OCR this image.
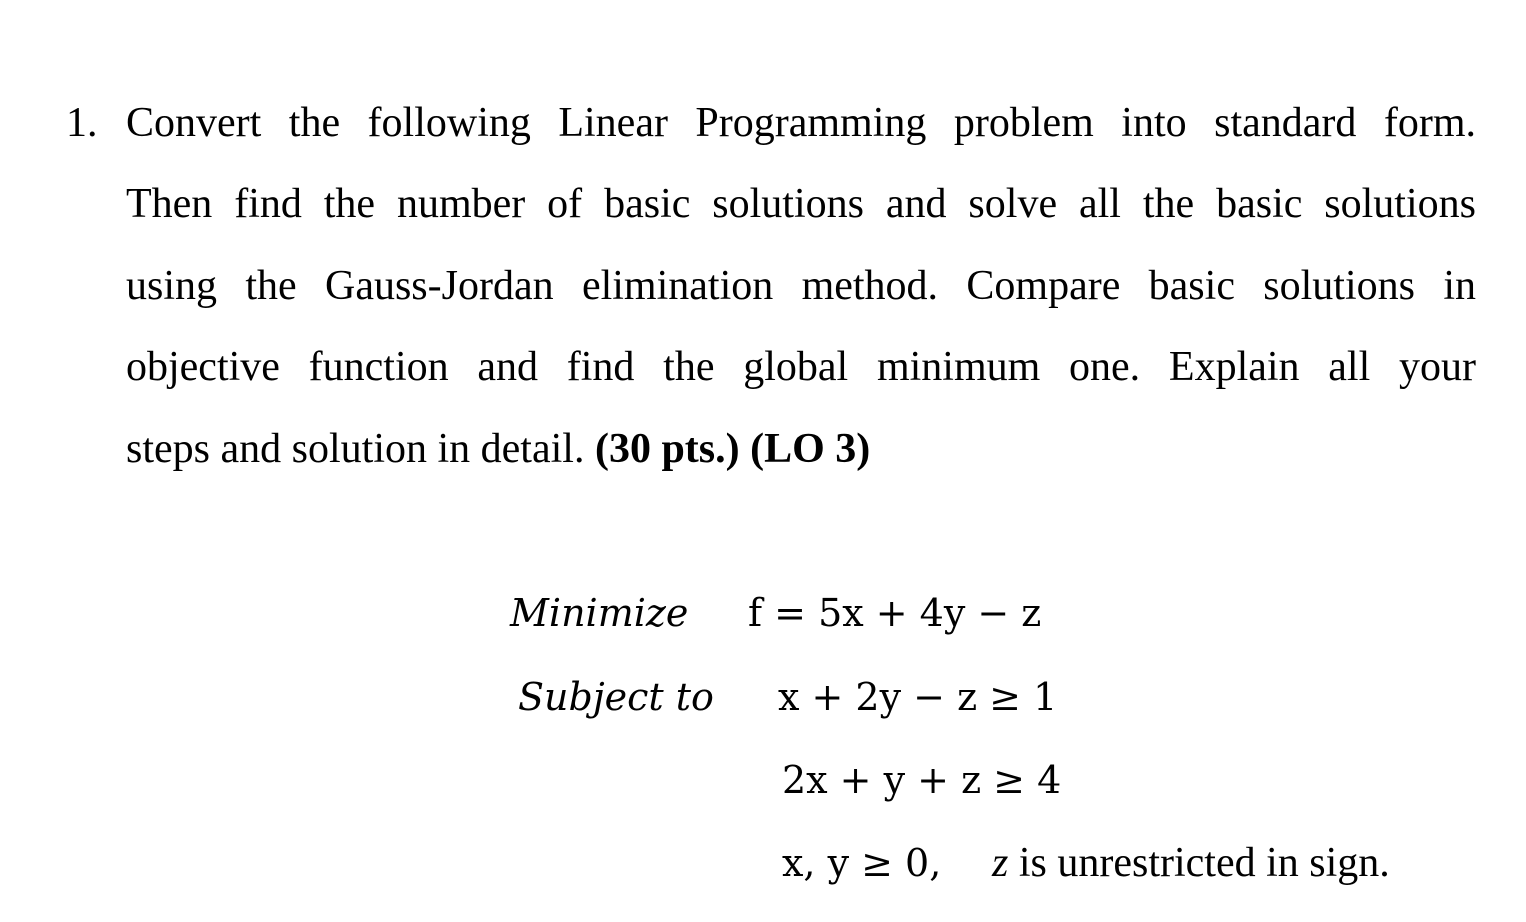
1. Convert the following Linear Programming problem into standard form.
Then find the number of basic solutions and solve all the basic solutions
using the Gauss-Jordan elimination method. Compare basic solutions in
objective function and find the global minimum one. Explain all your
steps and solution in detail. (30 pts.) (LO 3)
Minimize f = 5x + 4y − z
Subject to x + 2y − z ≥ 1
2x + y + z ≥ 4
x, y ≥ 0, z is unrestricted in sign.
